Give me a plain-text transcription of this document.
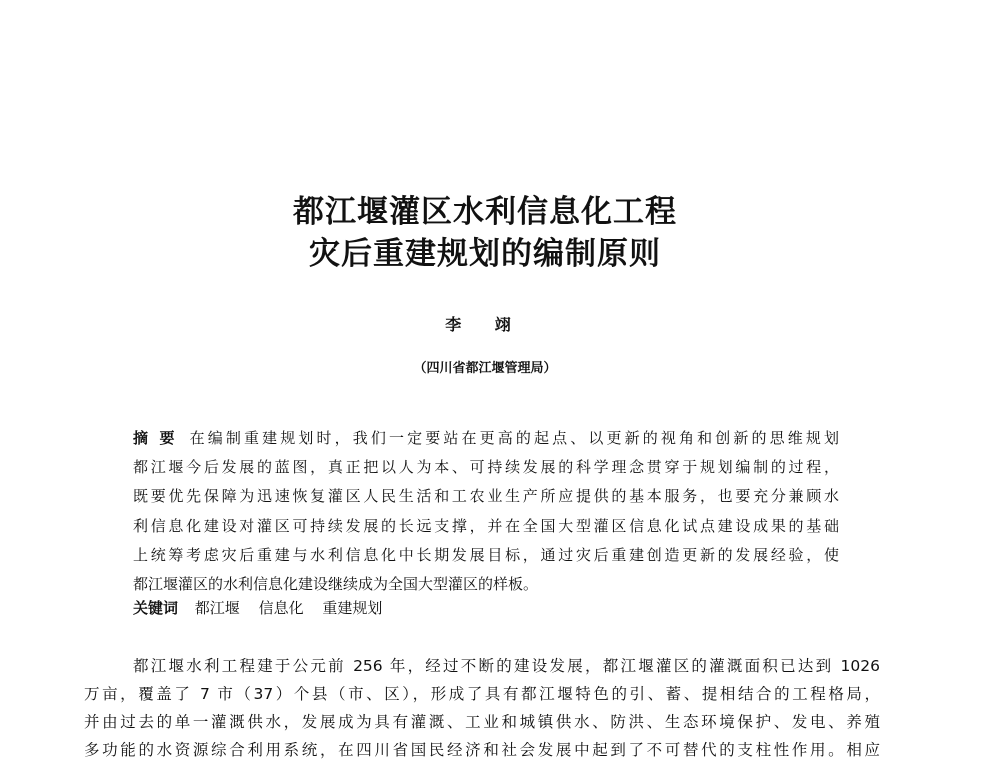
都江堰灌区水利信息化工程
灾后重建规划的编制原则
李 翊
（四川省都江堰管理局）
摘 要 在编制重建规划时，我们一定要站在更高的起点、以更新的视角和创新的思维规划
都江堰今后发展的蓝图，真正把以人为本、可持续发展的科学理念贯穿于规划编制的过程，
既要优先保障为迅速恢复灌区人民生活和工农业生产所应提供的基本服务，也要充分兼顾水
利信息化建设对灌区可持续发展的长远支撑，并在全国大型灌区信息化试点建设成果的基础
上统筹考虑灾后重建与水利信息化中长期发展目标，通过灾后重建创造更新的发展经验，使
都江堰灌区的水利信息化建设继续成为全国大型灌区的样板。
关键词 都江堰 信息化 重建规划
都江堰水利工程建于公元前 256 年，经过不断的建设发展，都江堰灌区的灌溉面积已达到 1026
万亩，覆盖了 7 市（37）个县（市、区），形成了具有都江堰特色的引、蓄、提相结合的工程格局，
并由过去的单一灌溉供水，发展成为具有灌溉、工业和城镇供水、防洪、生态环境保护、发电、养殖
多功能的水资源综合利用系统，在四川省国民经济和社会发展中起到了不可替代的支柱性作用。相应
